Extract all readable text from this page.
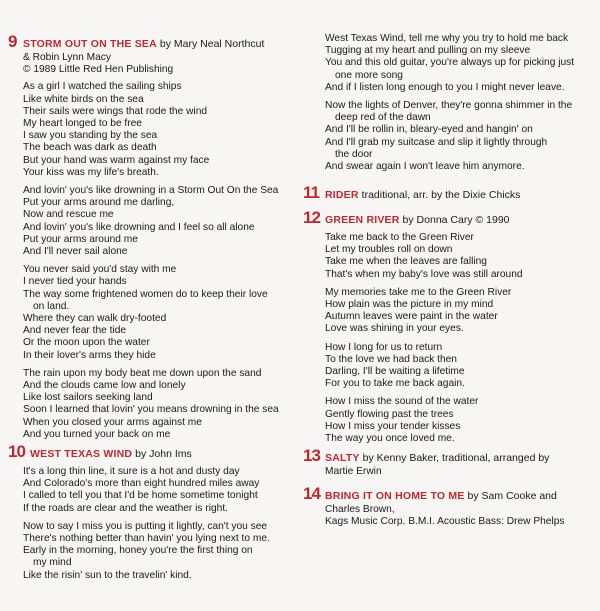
9 STORM OUT ON THE SEA by Mary Neal Northcut
& Robin Lynn Macy
© 1989 Little Red Hen Publishing
As a girl I watched the sailing ships
Like white birds on the sea
Their sails were wings that rode the wind
My heart longed to be free
I saw you standing by the sea
The beach was dark as death
But your hand was warm against my face
Your kiss was my life's breath.
And lovin' you's like drowning in a Storm Out On the Sea
Put your arms around me darling,
Now and rescue me
And lovin' you's like drowning and I feel so all alone
Put your arms around me
And I'll never sail alone
You never said you'd stay with me
I never tied your hands
The way some frightened women do to keep their love
on land.
Where they can walk dry-footed
And never fear the tide
Or the moon upon the water
In their lover's arms they hide
The rain upon my body beat me down upon the sand
And the clouds came low and lonely
Like lost sailors seeking land
Soon I learned that lovin' you means drowning in the sea
When you closed your arms against me
And you turned your back on me
10 WEST TEXAS WIND by John Ims
It's a long thin line, it sure is a hot and dusty day
And Colorado's more than eight hundred miles away
I called to tell you that I'd be home sometime tonight
If the roads are clear and the weather is right.
Now to say I miss you is putting it lightly, can't you see
There's nothing better than havin' you lying next to me.
Early in the morning, honey you're the first thing on
my mind
Like the risin' sun to the travelin' kind.
West Texas Wind, tell me why you try to hold me back
Tugging at my heart and pulling on my sleeve
You and this old guitar, you're always up for picking just
one more song
And if I listen long enough to you I might never leave.
Now the lights of Denver, they're gonna shimmer in the
deep red of the dawn
And I'll be rollin in, bleary-eyed and hangin' on
And I'll grab my suitcase and slip it lightly through
the door
And swear again I won't leave him anymore.
11 RIDER traditional, arr. by the Dixie Chicks
12 GREEN RIVER by Donna Cary © 1990
Take me back to the Green River
Let my troubles roll on down
Take me when the leaves are falling
That's when my baby's love was still around
My memories take me to the Green River
How plain was the picture in my mind
Autumn leaves were paint in the water
Love was shining in your eyes.
How I long for us to return
To the love we had back then
Darling, I'll be waiting a lifetime
For you to take me back again.
How I miss the sound of the water
Gently flowing past the trees
How I miss your tender kisses
The way you once loved me.
13 SALTY by Kenny Baker, traditional, arranged by
Martie Erwin
14 BRING IT ON HOME TO ME by Sam Cooke and
Charles Brown,
Kags Music Corp. B.M.I. Acoustic Bass: Drew Phelps
